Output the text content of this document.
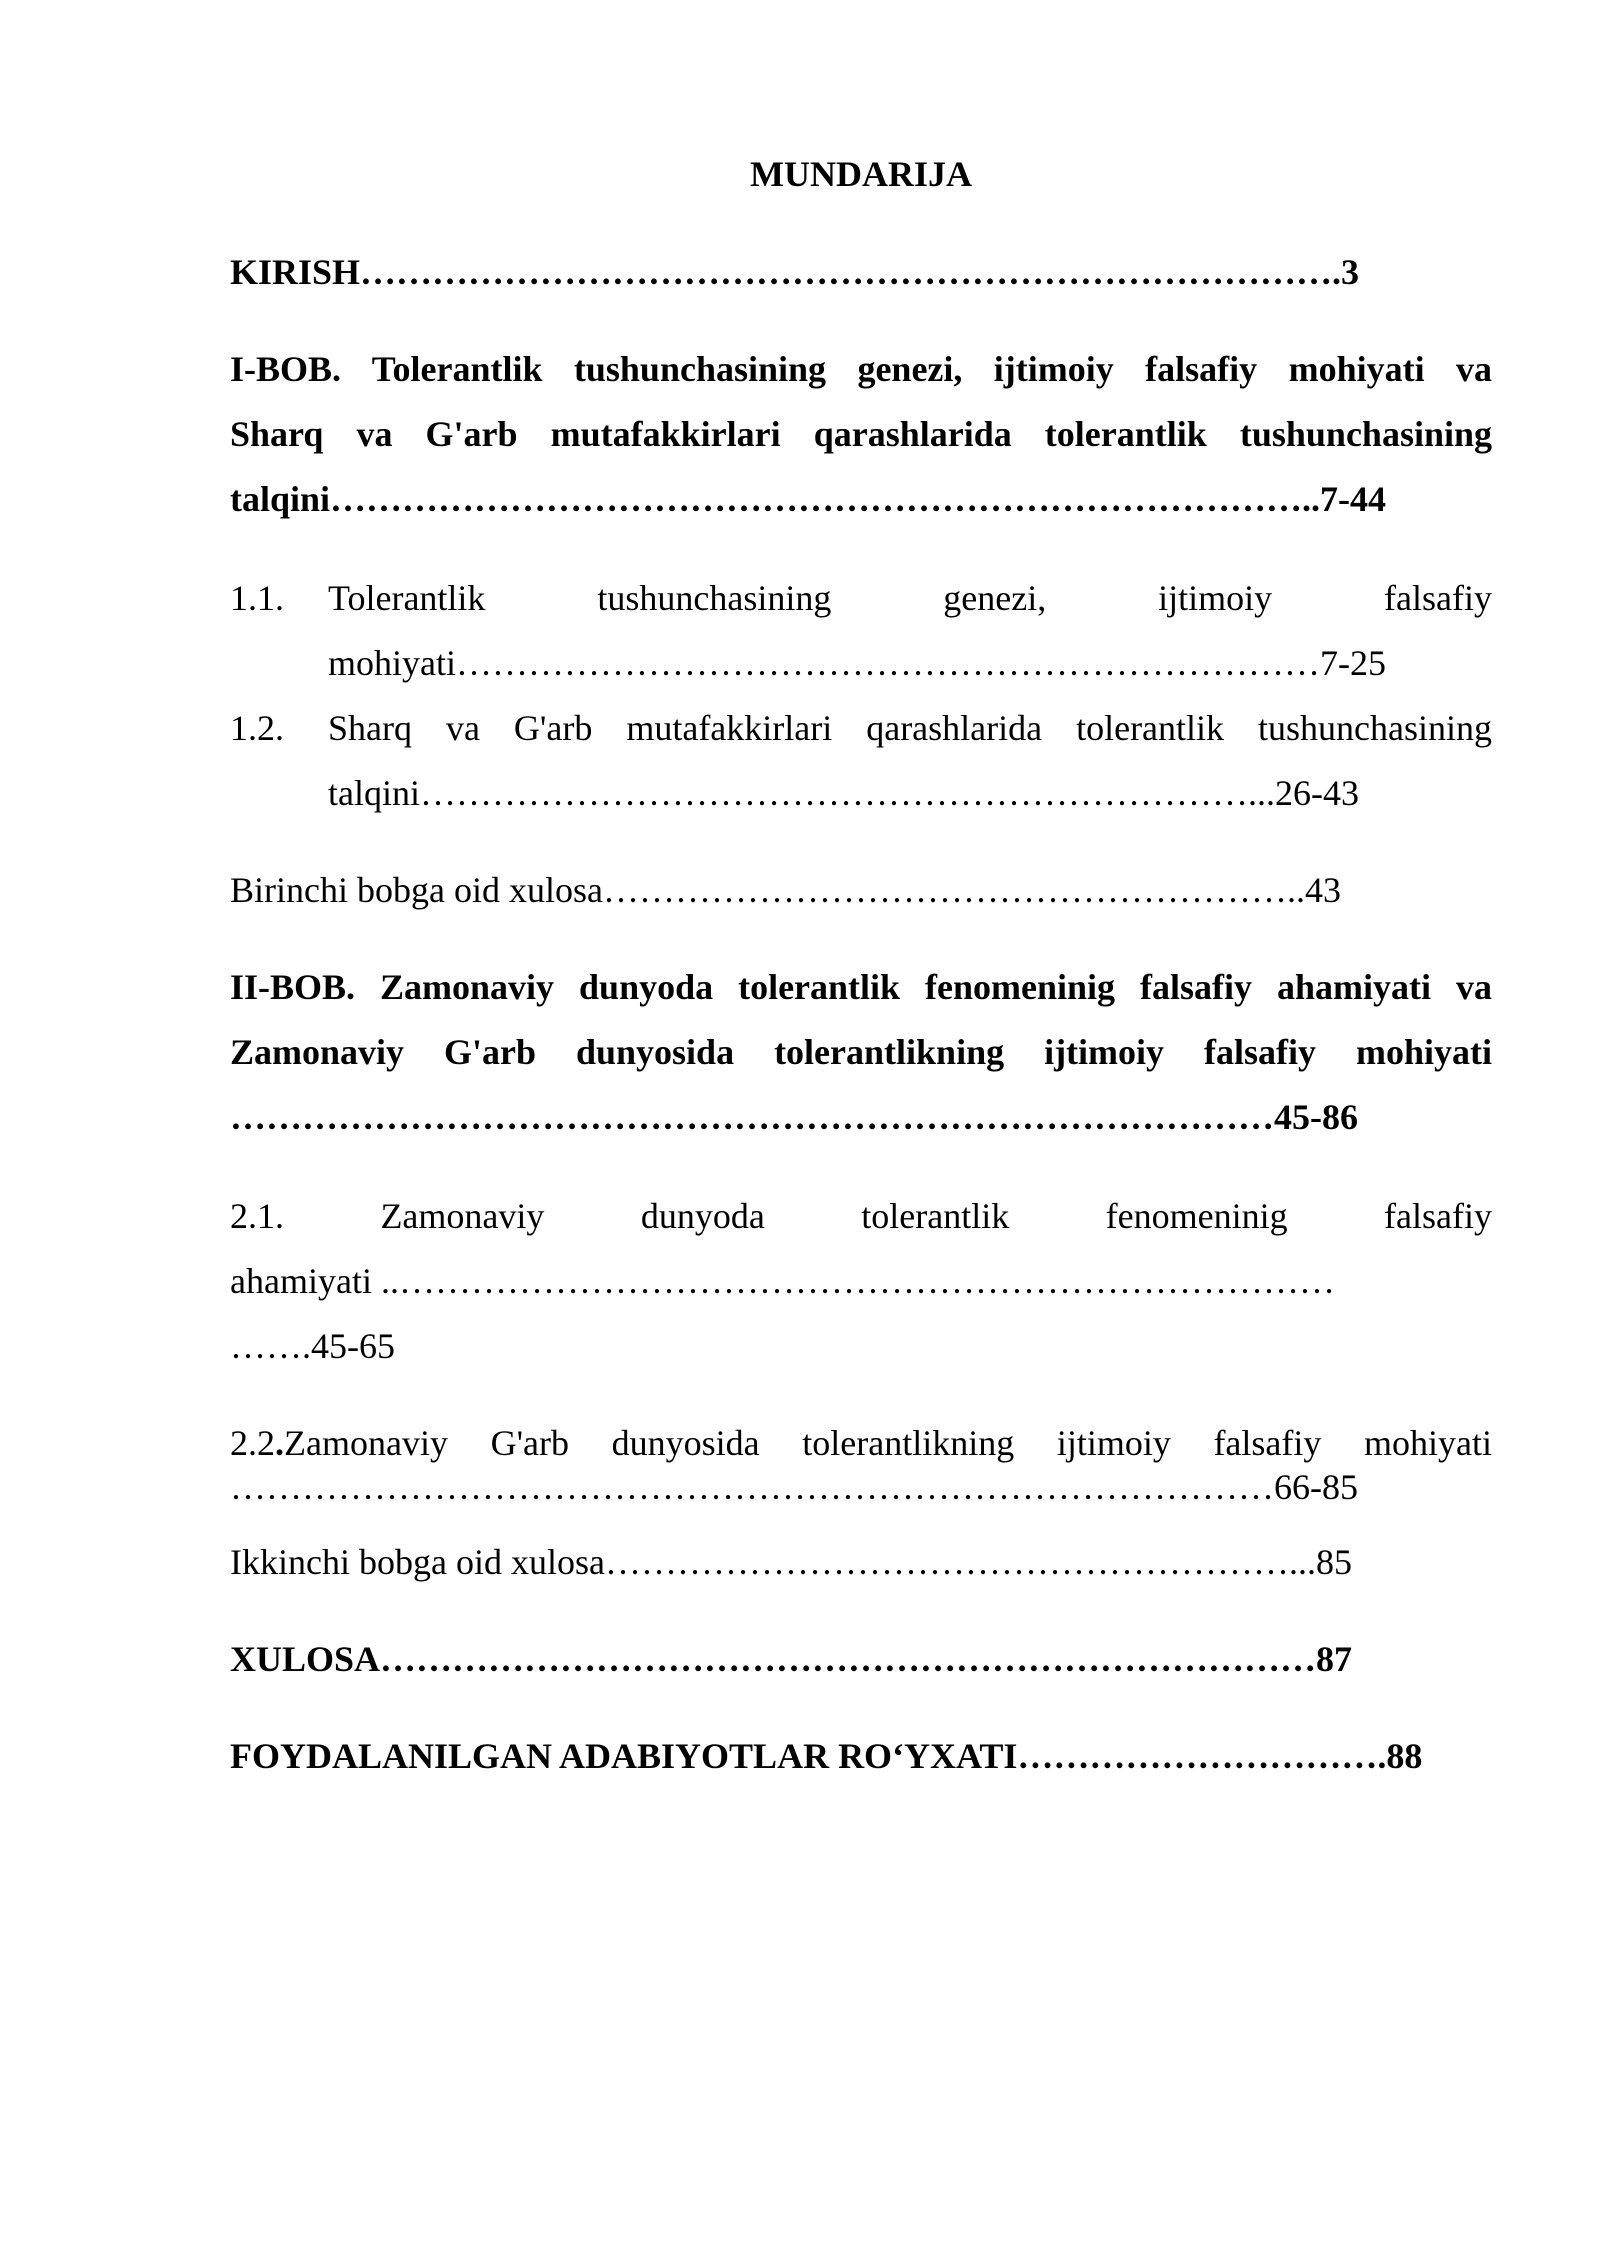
MUNDARIJA
KIRISH……………………………………………………………………….3
I-BOB. Tolerantlik tushunchasining genezi, ijtimoiy falsafiy mohiyati va
Sharq va G'arb mutafakkirlari qarashlarida tolerantlik tushunchasining
talqini………………………………………………………………………..7-44
1.1. Tolerantlik tushunchasining genezi, ijtimoiy falsafiy
mohiyati………………………………………………………………7-25
1.2. Sharq va G'arb mutafakkirlari qarashlarida tolerantlik tushunchasining
talqini……………………………………………………………...26-43
Birinchi bobga oid xulosa…………………………………………………..43
II-BOB. Zamonaviy dunyoda tolerantlik fenomeninig falsafiy ahamiyati va
Zamonaviy G'arb dunyosida tolerantlikning ijtimoiy falsafiy mohiyati
……………………………………………………………………………45-86
2.1. Zamonaviy dunyoda tolerantlik fenomeninig falsafiy
ahamiyati ..……………………………………………………………………
…….45-65
2.2 . Zamonaviy G'arb dunyosida tolerantlikning ijtimoiy falsafiy mohiyati
……………………………………………………………………………66-85
Ikkinchi bobga oid xulosa…………………………………………………...85
XULOSA……………………………………………………………………87
FOYDALANILGAN ADABIYOTLAR RO‘YXATI………………………….88
